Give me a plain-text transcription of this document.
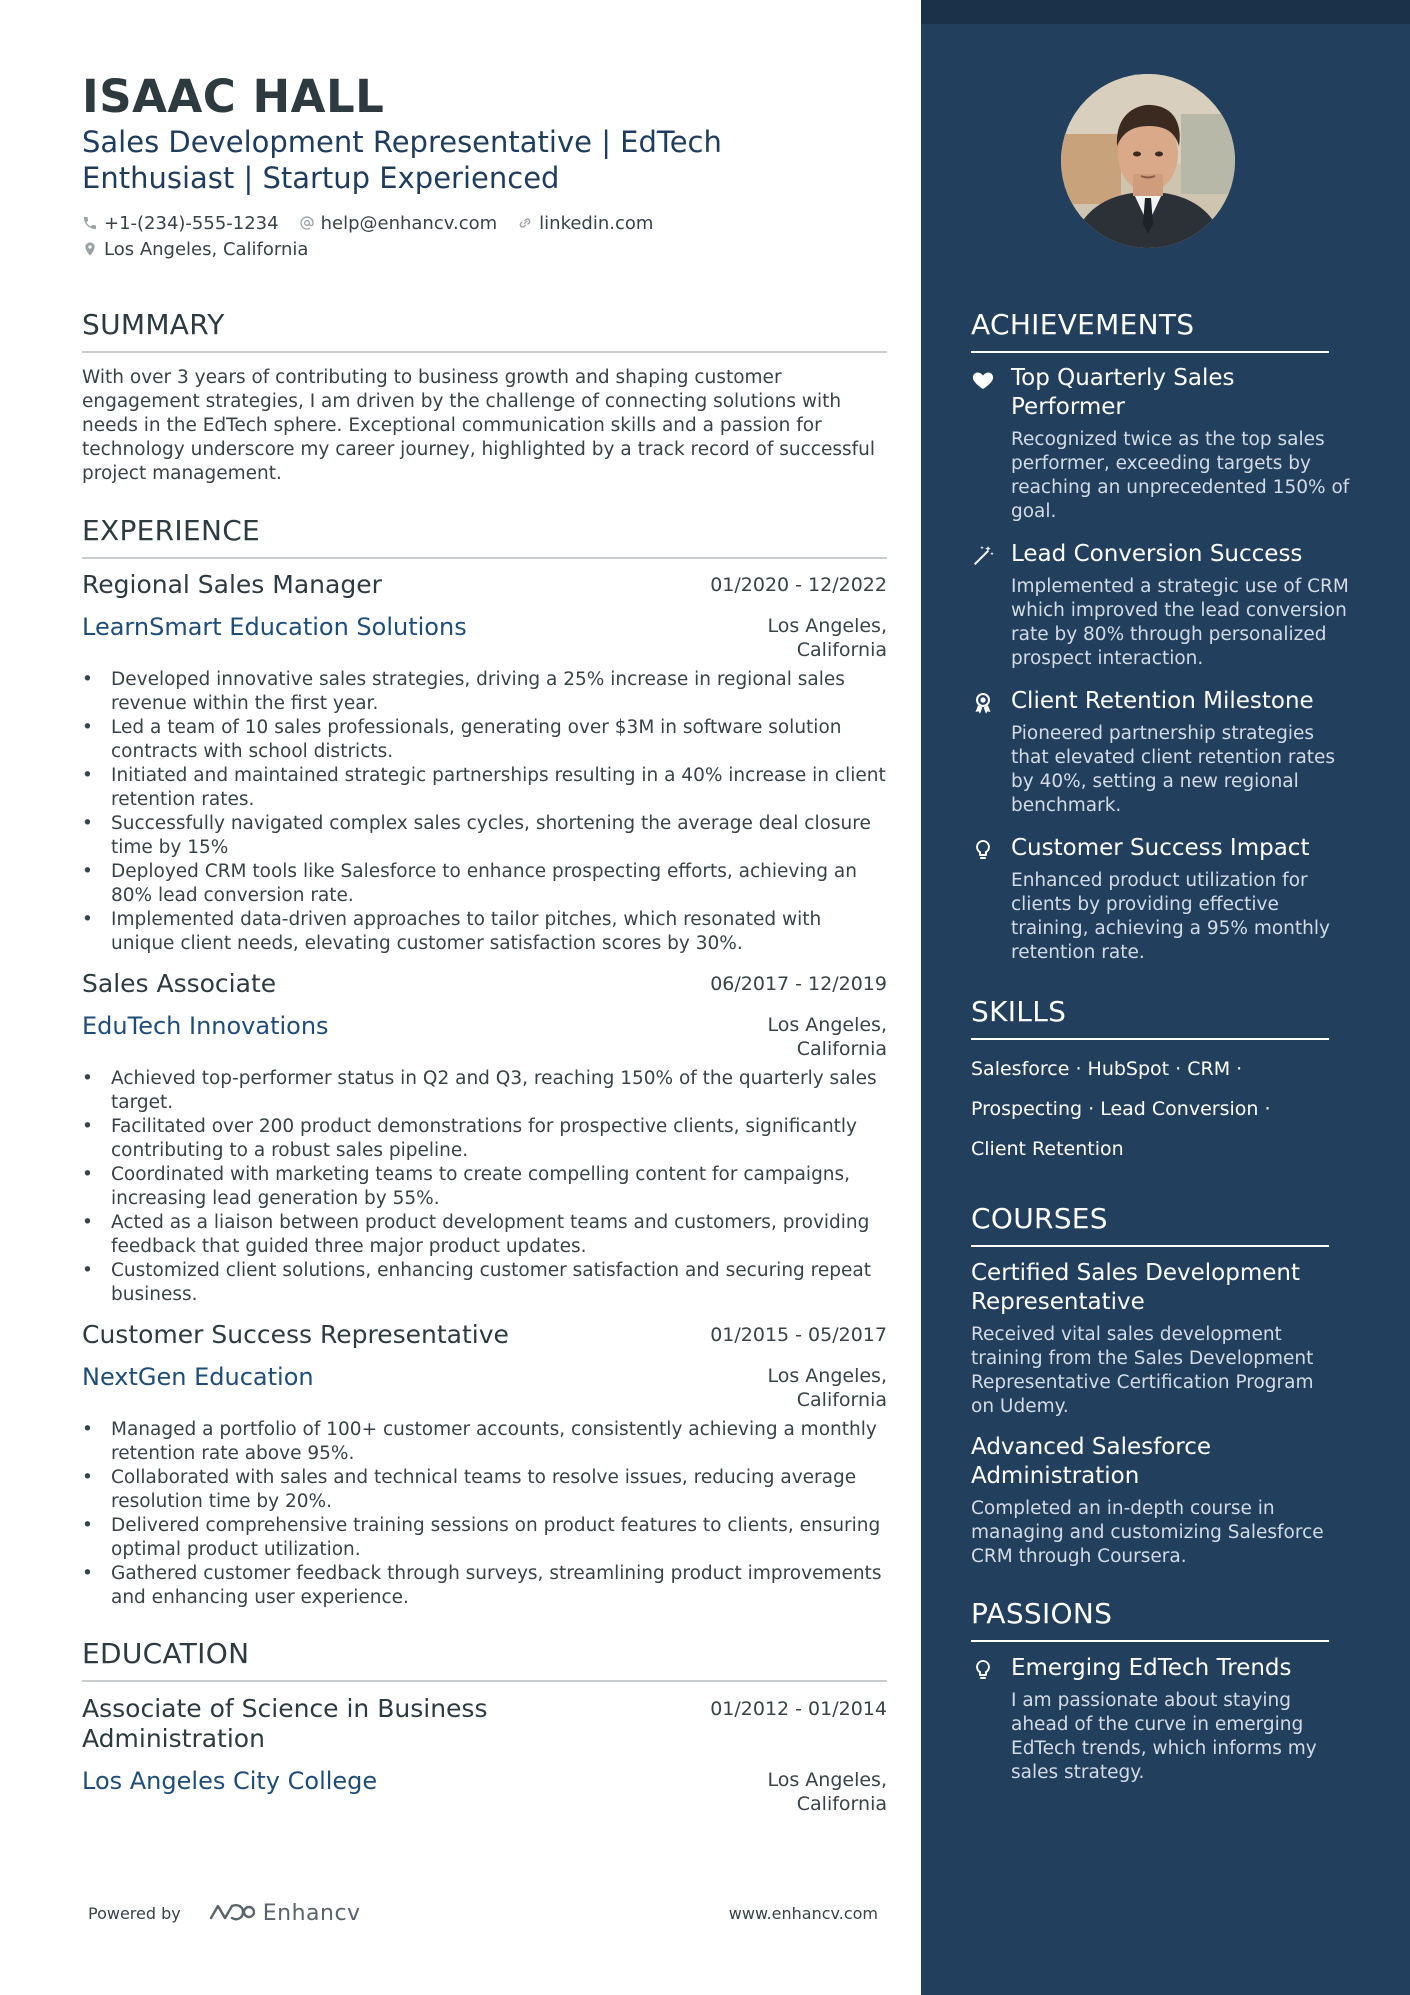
ISAAC HALL
Sales Development Representative | EdTech Enthusiast | Startup Experienced
+1-(234)-555-1234 help@enhancv.com linkedin.com
Los Angeles, California
SUMMARY
With over 3 years of contributing to business growth and shaping customer engagement strategies, I am driven by the challenge of connecting solutions with needs in the EdTech sphere. Exceptional communication skills and a passion for technology underscore my career journey, highlighted by a track record of successful project management.
EXPERIENCE
Regional Sales Manager	01/2020 - 12/2022
LearnSmart Education Solutions	Los Angeles,
California
• Developed innovative sales strategies, driving a 25% increase in regional sales revenue within the first year.
• Led a team of 10 sales professionals, generating over $3M in software solution contracts with school districts.
• Initiated and maintained strategic partnerships resulting in a 40% increase in client retention rates.
• Successfully navigated complex sales cycles, shortening the average deal closure time by 15%
• Deployed CRM tools like Salesforce to enhance prospecting efforts, achieving an 80% lead conversion rate.
• Implemented data-driven approaches to tailor pitches, which resonated with unique client needs, elevating customer satisfaction scores by 30%.
Sales Associate	06/2017 - 12/2019
EduTech Innovations	Los Angeles,
California
• Achieved top-performer status in Q2 and Q3, reaching 150% of the quarterly sales target.
• Facilitated over 200 product demonstrations for prospective clients, significantly contributing to a robust sales pipeline.
• Coordinated with marketing teams to create compelling content for campaigns, increasing lead generation by 55%.
• Acted as a liaison between product development teams and customers, providing feedback that guided three major product updates.
• Customized client solutions, enhancing customer satisfaction and securing repeat business.
Customer Success Representative	01/2015 - 05/2017
NextGen Education	Los Angeles,
California
• Managed a portfolio of 100+ customer accounts, consistently achieving a monthly retention rate above 95%.
• Collaborated with sales and technical teams to resolve issues, reducing average resolution time by 20%.
• Delivered comprehensive training sessions on product features to clients, ensuring optimal product utilization.
• Gathered customer feedback through surveys, streamlining product improvements and enhancing user experience.
EDUCATION
Associate of Science in Business Administration
01/2012 - 01/2014
Los Angeles City College	Los Angeles,
California
Powered by	Enhancv	www.enhancv.com
ACHIEVEMENTS
Top Quarterly Sales Performer
Recognized twice as the top sales performer, exceeding targets by reaching an unprecedented 150% of goal.
Lead Conversion Success
Implemented a strategic use of CRM which improved the lead conversion rate by 80% through personalized prospect interaction.
Client Retention Milestone
Pioneered partnership strategies that elevated client retention rates by 40%, setting a new regional benchmark.
Customer Success Impact
Enhanced product utilization for clients by providing effective training, achieving a 95% monthly retention rate.
SKILLS
Salesforce · HubSpot · CRM ·
Prospecting · Lead Conversion ·
Client Retention
COURSES
Certified Sales Development Representative
Received vital sales development training from the Sales Development Representative Certification Program on Udemy.
Advanced Salesforce Administration
Completed an in-depth course in managing and customizing Salesforce CRM through Coursera.
PASSIONS
Emerging EdTech Trends
I am passionate about staying ahead of the curve in emerging EdTech trends, which informs my sales strategy.
